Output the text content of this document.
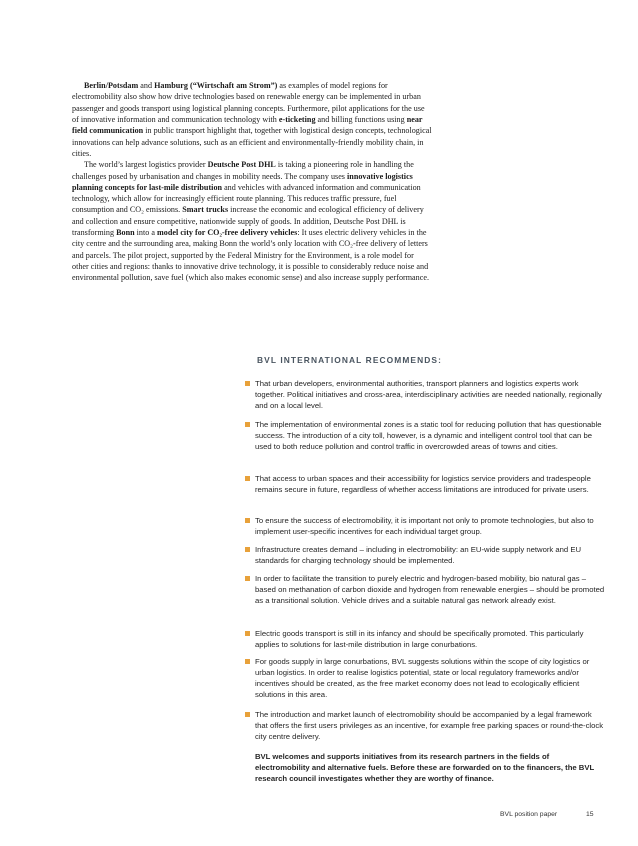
Berlin/Potsdam and Hamburg (“Wirtschaft am Strom”) as examples of model regions for electromobility also show how drive technologies based on renewable energy can be implemented in urban passenger and goods transport using logistical planning concepts. Furthermore, pilot applications for the use of innovative information and communication technology with e-ticketing and billing functions using near field communication in public transport highlight that, together with logistical design concepts, technological innovations can help advance solutions, such as an efficient and environmentally-friendly mobility chain, in cities.

The world’s largest logistics provider Deutsche Post DHL is taking a pioneering role in handling the challenges posed by urbanisation and changes in mobility needs. The company uses innovative logistics planning concepts for last-mile distribution and vehicles with advanced information and communication technology, which allow for increasingly efficient route planning. This reduces traffic pressure, fuel consumption and CO₂ emissions. Smart trucks increase the economic and ecological efficiency of delivery and collection and ensure competitive, nationwide supply of goods. In addition, Deutsche Post DHL is transforming Bonn into a model city for CO₂-free delivery vehicles: It uses electric delivery vehicles in the city centre and the surrounding area, making Bonn the world’s only location with CO₂-free delivery of letters and parcels. The pilot project, supported by the Federal Ministry for the Environment, is a role model for other cities and regions: thanks to innovative drive technology, it is possible to considerably reduce noise and environmental pollution, save fuel (which also makes economic sense) and also increase supply performance.

BVL INTERNATIONAL RECOMMENDS:
That urban developers, environmental authorities, transport planners and logistics experts work together. Political initiatives and cross-area, interdisciplinary activities are needed nationally, regionally and on a local level.
The implementation of environmental zones is a static tool for reducing pollution that has questionable success. The introduction of a city toll, however, is a dynamic and intelligent control tool that can be used to both reduce pollution and control traffic in overcrowded areas of towns and cities.
That access to urban spaces and their accessibility for logistics service providers and tradespeople remains secure in future, regardless of whether access limitations are introduced for private users.
To ensure the success of electromobility, it is important not only to promote technologies, but also to implement user-specific incentives for each individual target group.
Infrastructure creates demand – including in electromobility: an EU-wide supply network and EU standards for charging technology should be implemented.
In order to facilitate the transition to purely electric and hydrogen-based mobility, bio natural gas – based on methanation of carbon dioxide and hydrogen from renewable energies – should be promoted as a transitional solution. Vehicle drives and a suitable natural gas network already exist.
Electric goods transport is still in its infancy and should be specifically promoted. This particularly applies to solutions for last-mile distribution in large conurbations.
For goods supply in large conurbations, BVL suggests solutions within the scope of city logistics or urban logistics. In order to realise logistics potential, state or local regulatory frameworks and/or incentives should be created, as the free market economy does not lead to ecologically efficient solutions in this area.
The introduction and market launch of electromobility should be accompanied by a legal framework that offers the first users privileges as an incentive, for example free parking spaces or round-the-clock city centre delivery.

BVL welcomes and supports initiatives from its research partners in the fields of electromobility and alternative fuels. Before these are forwarded on to the financers, the BVL research council investigates whether they are worthy of finance.

BVL position paper	15
